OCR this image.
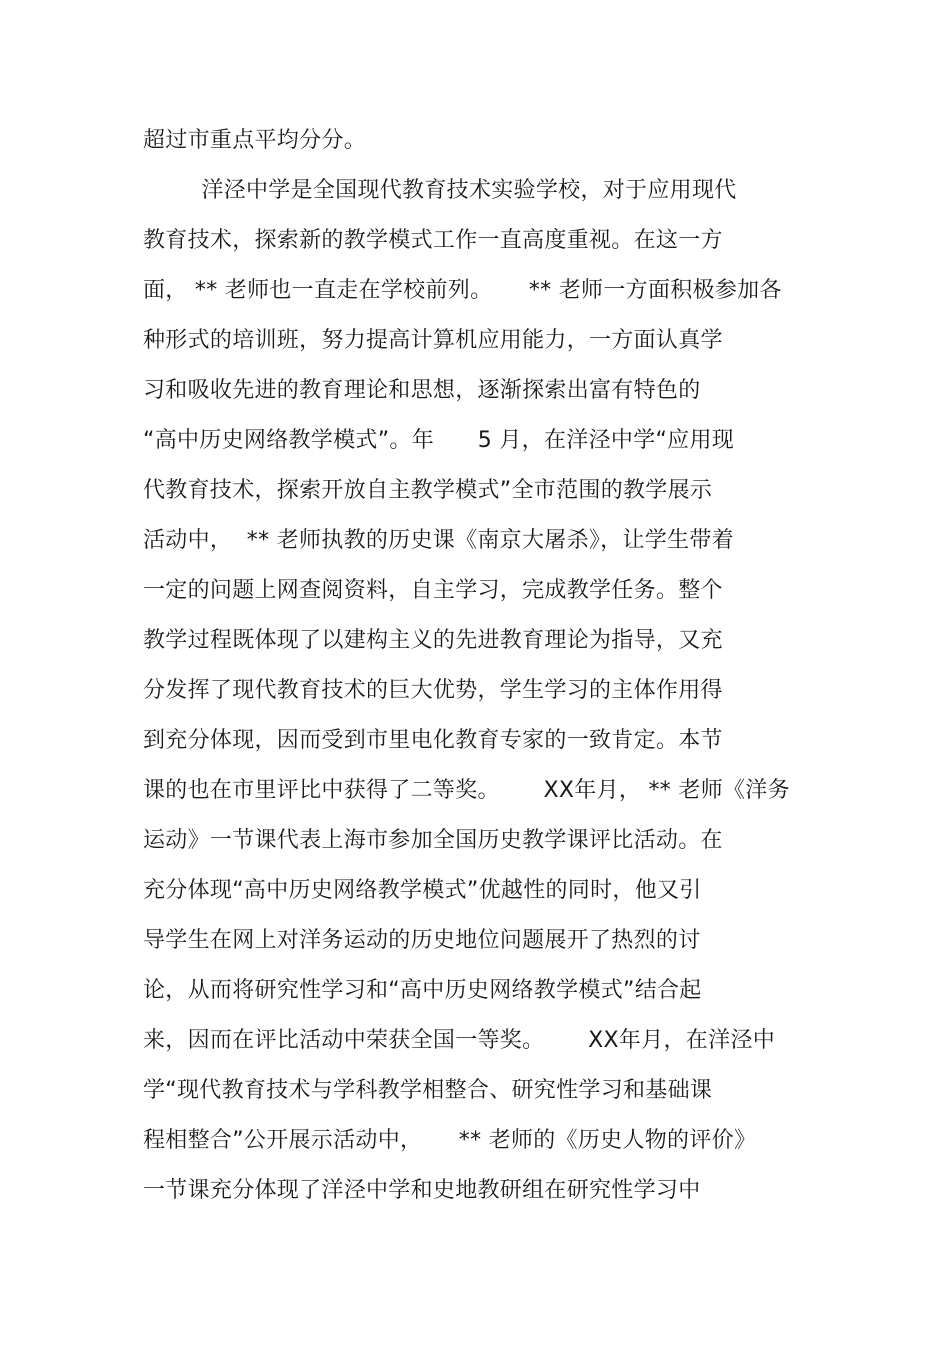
超过市重点平均分分。
洋泾中学是全国现代教育技术实验学校，对于应用现代
教育技术，探索新的教学模式工作一直高度重视。在这一方
面， ** 老师也一直走在学校前列。     ** 老师一方面积极参加各
种形式的培训班，努力提高计算机应用能力，一方面认真学
习和吸收先进的教育理论和思想，逐渐探索出富有特色的
“高中历史网络教学模式”。年      5 月，在洋泾中学“应用现
代教育技术，探索开放自主教学模式”全市范围的教学展示
活动中，  ** 老师执教的历史课《南京大屠杀》，让学生带着
一定的问题上网查阅资料，自主学习，完成教学任务。整个
教学过程既体现了以建构主义的先进教育理论为指导，又充
分发挥了现代教育技术的巨大优势，学生学习的主体作用得
到充分体现，因而受到市里电化教育专家的一致肯定。本节
课的也在市里评比中获得了二等奖。      XX年月， ** 老师《洋务
运动》一节课代表上海市参加全国历史教学课评比活动。在
充分体现“高中历史网络教学模式”优越性的同时，他又引
导学生在网上对洋务运动的历史地位问题展开了热烈的讨
论，从而将研究性学习和“高中历史网络教学模式”结合起
来，因而在评比活动中荣获全国一等奖。      XX年月，在洋泾中
学“现代教育技术与学科教学相整合、研究性学习和基础课
程相整合”公开展示活动中，     ** 老师的《历史人物的评价》
一节课充分体现了洋泾中学和史地教研组在研究性学习中
